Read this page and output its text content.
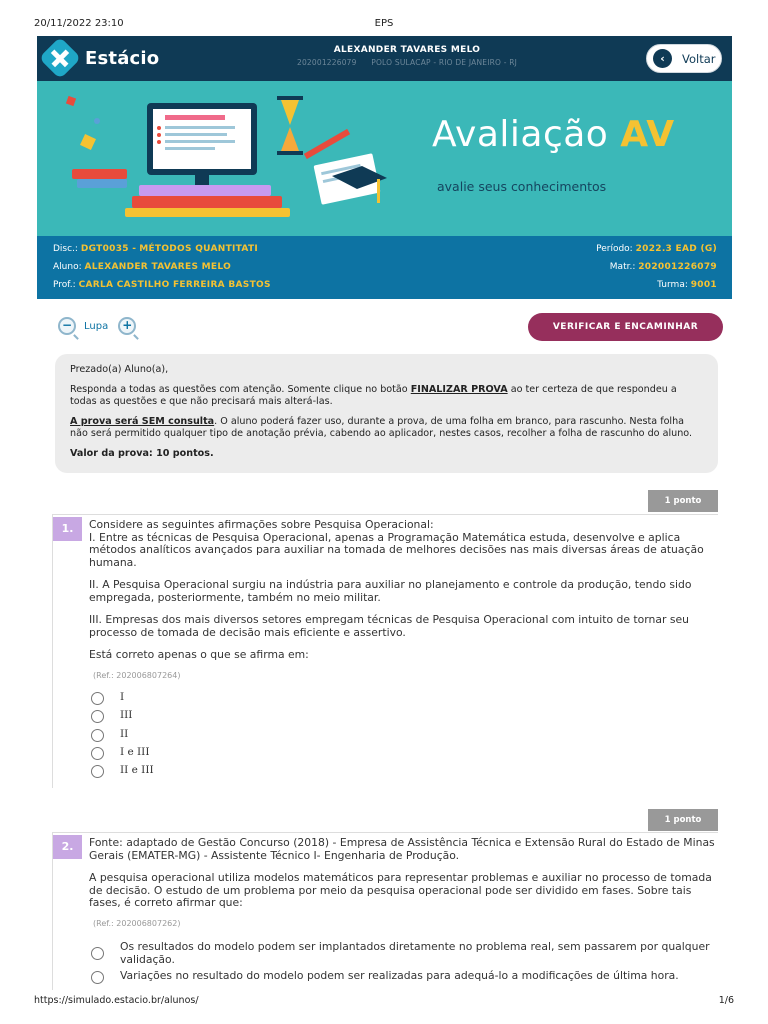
20/11/2022 23:10	EPS
Estácio	ALEXANDER TAVARES MELO
202001226079 POLO SULACAP - RIO DE JANEIRO - RJ	‹	Voltar
Avaliação AV
avalie seus conhecimentos
Disc.: DGT0035 - MÉTODOS QUANTITATI	Período: 2022.3 EAD (G)
Aluno: ALEXANDER TAVARES MELO	Matr.: 202001226079
Prof.: CARLA CASTILHO FERREIRA BASTOS	Turma: 9001
−	Lupa	+	VERIFICAR E ENCAMINHAR

Prezado(a) Aluno(a),

Responda a todas as questões com atenção. Somente clique no botão FINALIZAR PROVA ao ter certeza de que respondeu a todas as questões e que não precisará mais alterá-las.

A prova será SEM consulta. O aluno poderá fazer uso, durante a prova, de uma folha em branco, para rascunho. Nesta folha não será permitido qualquer tipo de anotação prévia, cabendo ao aplicador, nestes casos, recolher a folha de rascunho do aluno.

Valor da prova: 10 pontos.

1 ponto
1.	Considere as seguintes afirmações sobre Pesquisa Operacional:

I. Entre as técnicas de Pesquisa Operacional, apenas a Programação Matemática estuda, desenvolve e aplica métodos analíticos avançados para auxiliar na tomada de melhores decisões nas mais diversas áreas de atuação humana.

II. A Pesquisa Operacional surgiu na indústria para auxiliar no planejamento e controle da produção, tendo sido empregada, posteriormente, também no meio militar.

III. Empresas dos mais diversos setores empregam técnicas de Pesquisa Operacional com intuito de tornar seu processo de tomada de decisão mais eficiente e assertivo.

Está correto apenas o que se afirma em:

(Ref.: 202006807264)
I
III
II
I e III
II e III
1 ponto
2.	Fonte: adaptado de Gestão Concurso (2018) - Empresa de Assistência Técnica e Extensão Rural do Estado de Minas Gerais (EMATER-MG) - Assistente Técnico I- Engenharia de Produção.

A pesquisa operacional utiliza modelos matemáticos para representar problemas e auxiliar no processo de tomada de decisão. O estudo de um problema por meio da pesquisa operacional pode ser dividido em fases. Sobre tais fases, é correto afirmar que:

(Ref.: 202006807262)
Os resultados do modelo podem ser implantados diretamente no problema real, sem passarem por qualquer validação.
Variações no resultado do modelo podem ser realizadas para adequá-lo a modificações de última hora.
https://simulado.estacio.br/alunos/	1/6
